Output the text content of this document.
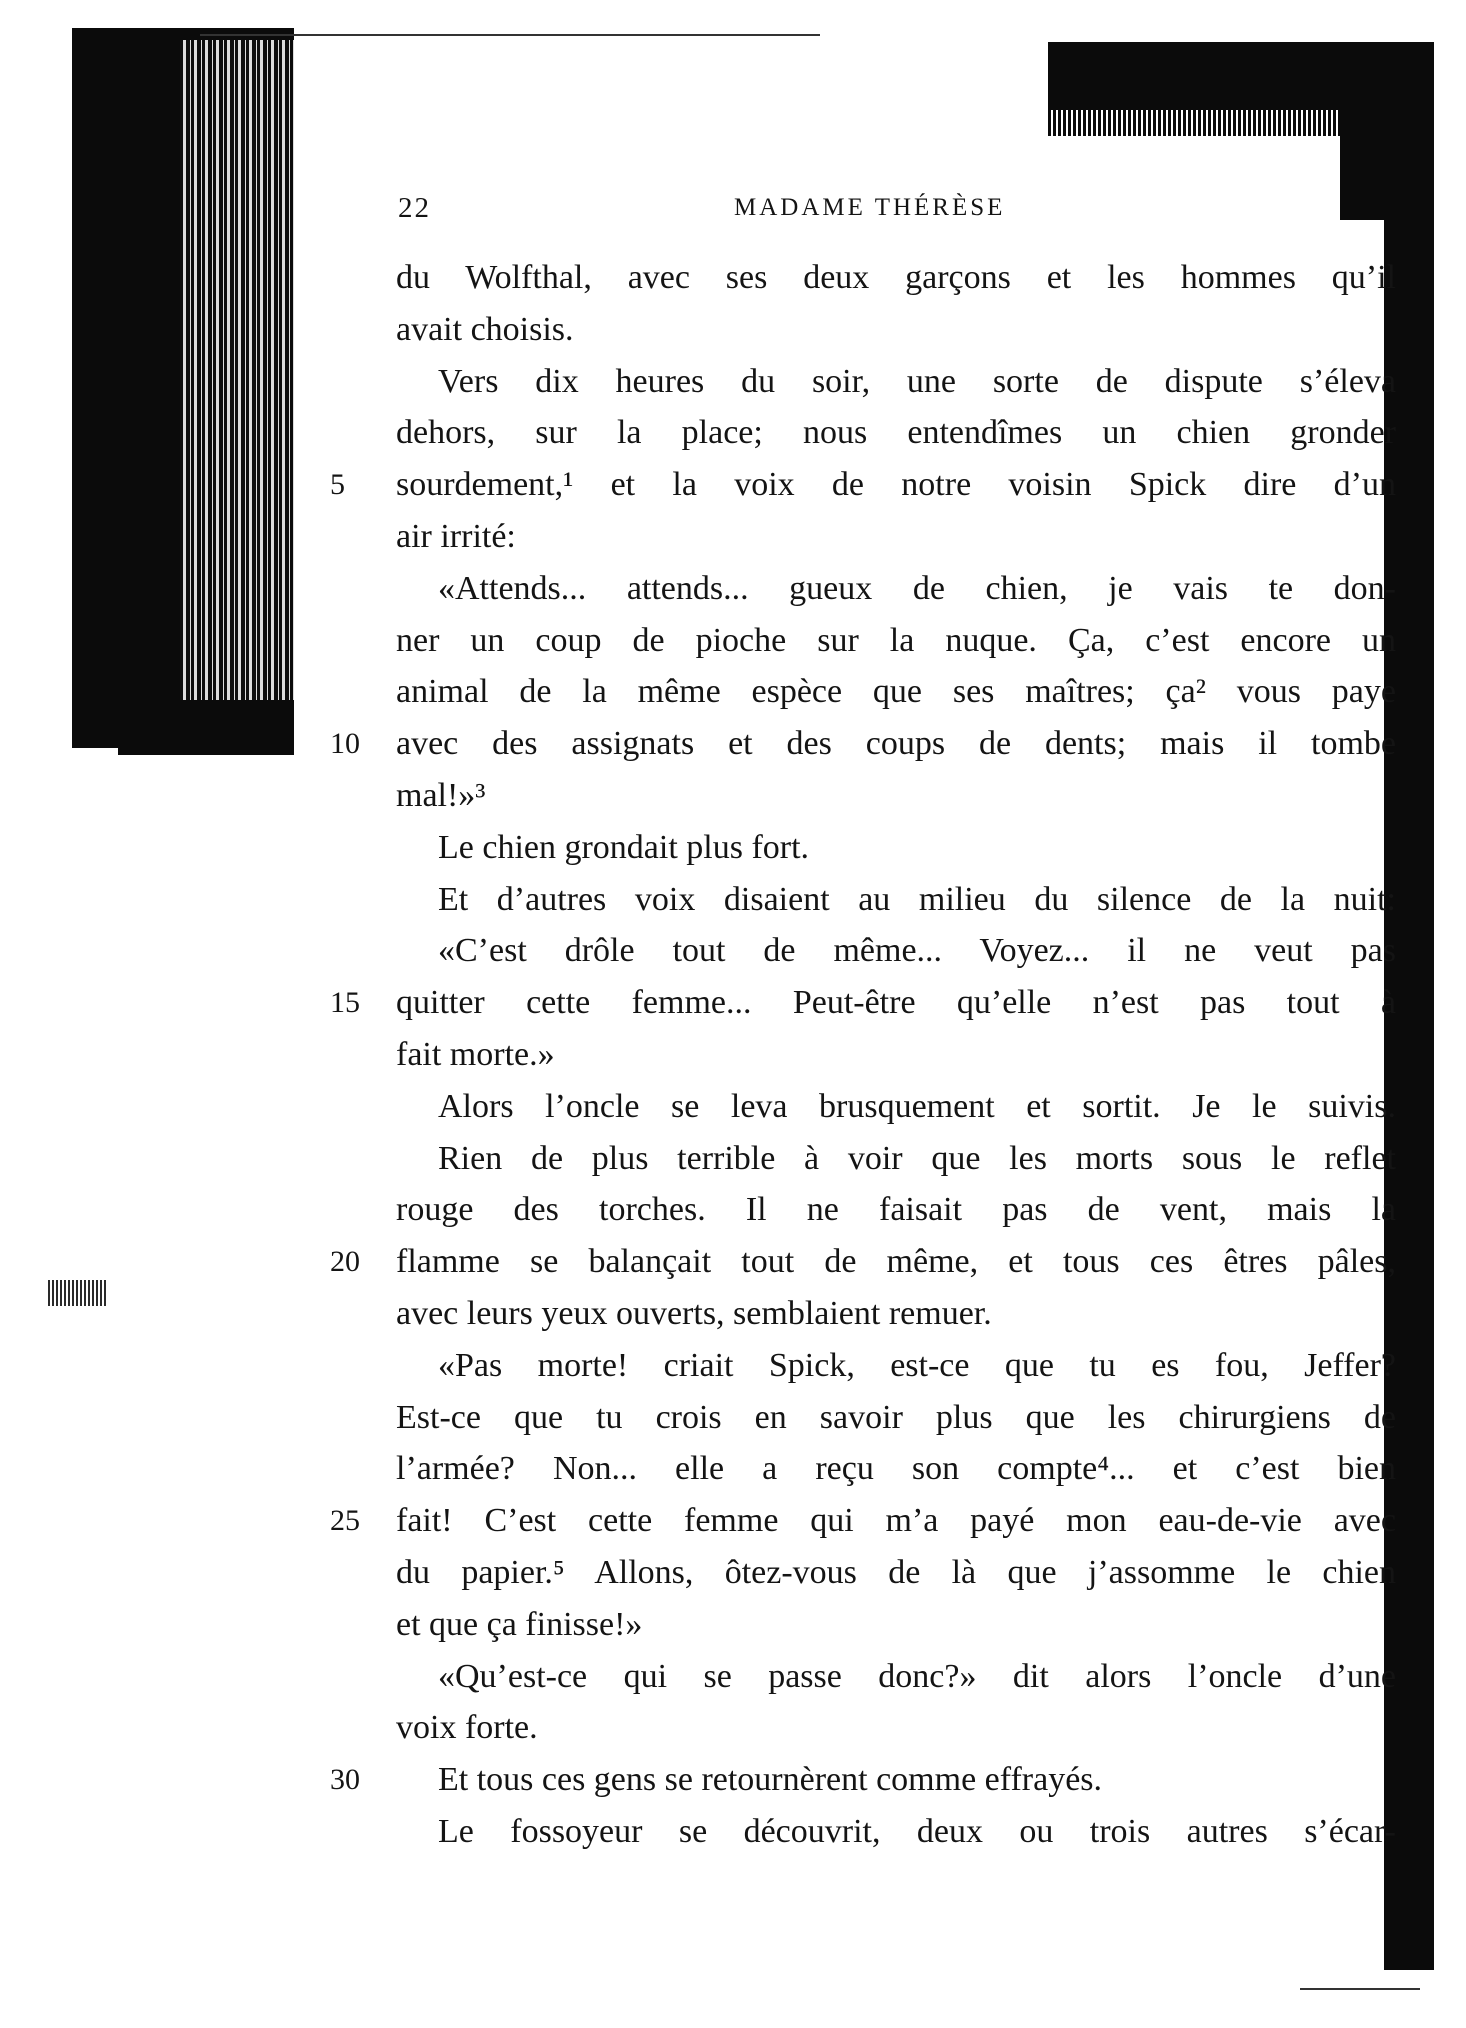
22	MADAME THÉRÈSE
du Wolfthal, avec ses deux garçons et les hommes qu’il
avait choisis.
Vers dix heures du soir, une sorte de dispute s’éleva
dehors, sur la place; nous entendîmes un chien gronder
5	sourdement,¹ et la voix de notre voisin Spick dire d’un
air irrité:
«Attends... attends... gueux de chien, je vais te don-
ner un coup de pioche sur la nuque. Ça, c’est encore un
animal de la même espèce que ses maîtres; ça² vous paye
10	avec des assignats et des coups de dents; mais il tombe
mal!»³
Le chien grondait plus fort.
Et d’autres voix disaient au milieu du silence de la nuit:
«C’est drôle tout de même... Voyez... il ne veut pas
15	quitter cette femme... Peut-être qu’elle n’est pas tout à
fait morte.»
Alors l’oncle se leva brusquement et sortit. Je le suivis.
Rien de plus terrible à voir que les morts sous le reflet
rouge des torches. Il ne faisait pas de vent, mais la
20	flamme se balançait tout de même, et tous ces êtres pâles,
avec leurs yeux ouverts, semblaient remuer.
«Pas morte! criait Spick, est-ce que tu es fou, Jeffer?
Est-ce que tu crois en savoir plus que les chirurgiens de
l’armée? Non... elle a reçu son compte⁴... et c’est bien
25	fait! C’est cette femme qui m’a payé mon eau-de-vie avec
du papier.⁵ Allons, ôtez-vous de là que j’assomme le chien
et que ça finisse!»
«Qu’est-ce qui se passe donc?» dit alors l’oncle d’une
voix forte.
30	Et tous ces gens se retournèrent comme effrayés.
Le fossoyeur se découvrit, deux ou trois autres s’écar-
